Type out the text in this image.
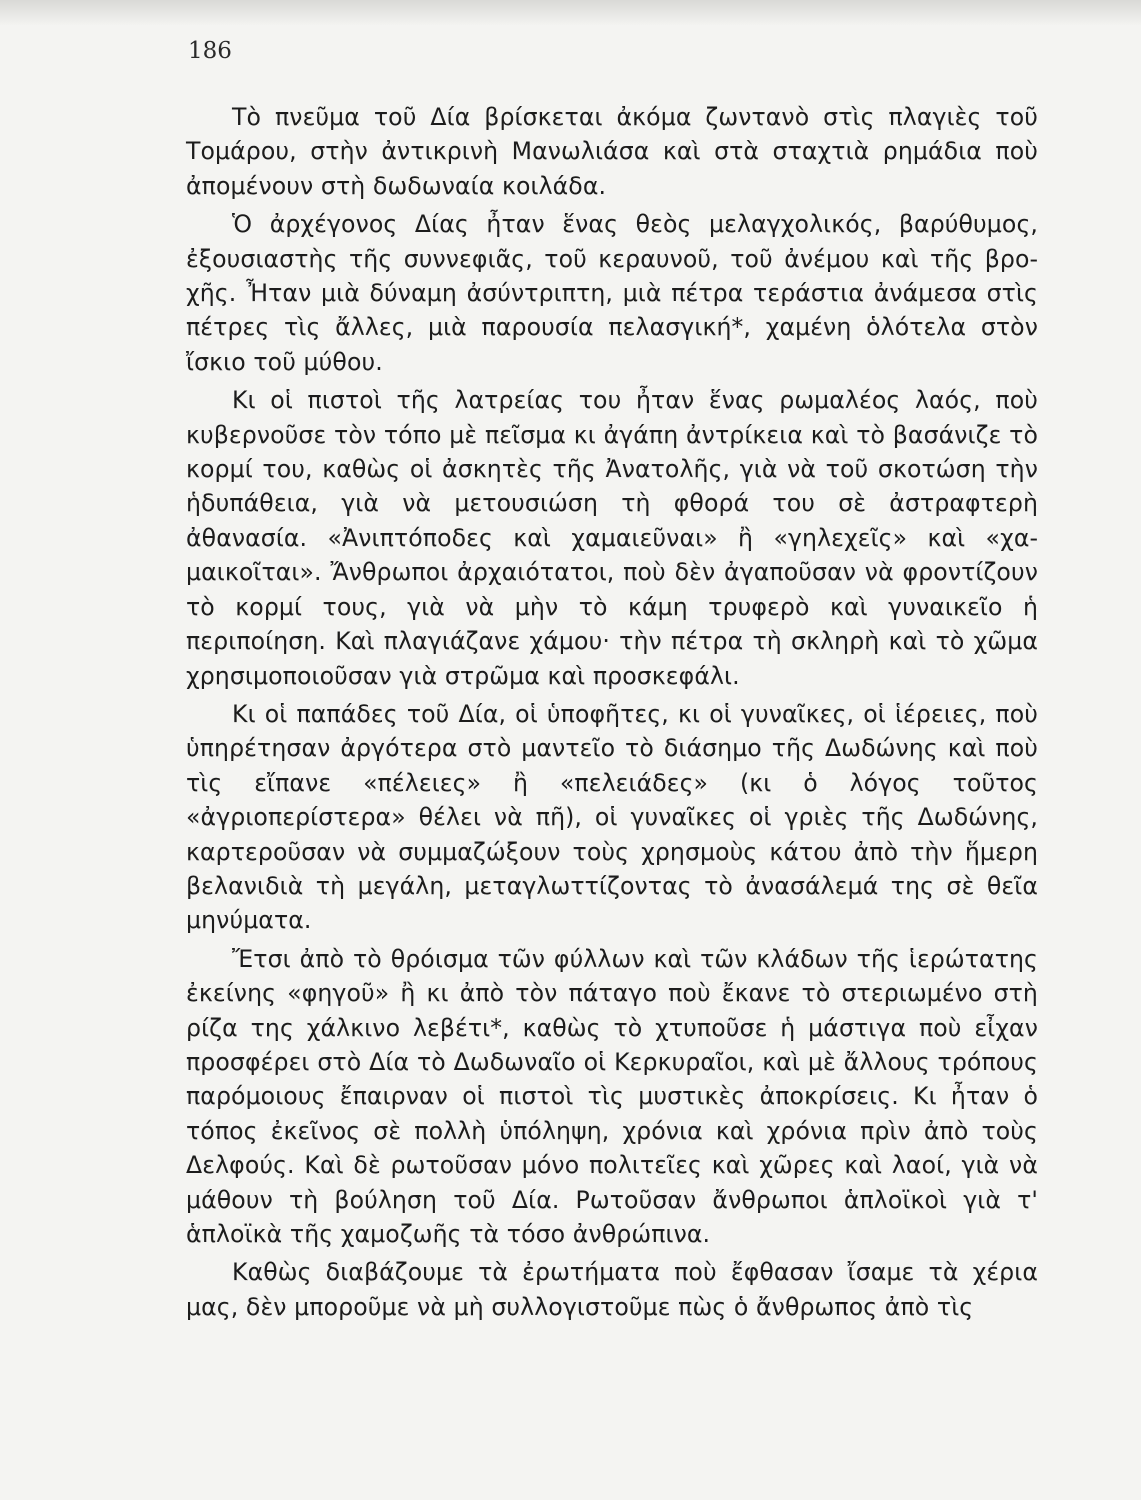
186

Τὸ πνεῦμα τοῦ Δία βρίσκεται ἀκόμα ζωντανὸ στὶς πλαγιὲς τοῦ Τομάρου, στὴν ἀντικρινὴ Μανωλιάσα καὶ στὰ σταχτιὰ ρημάδια ποὺ ἀπομένουν στὴ δωδωναία κοιλάδα.

Ὁ ἀρχέγονος Δίας ἦταν ἕνας θεὸς μελαγχολικός, βαρύθυμος, ἐξουσιαστὴς τῆς συννεφιᾶς, τοῦ κεραυνοῦ, τοῦ ἀνέμου καὶ τῆς βροχῆς. Ἦταν μιὰ δύναμη ἀσύντριπτη, μιὰ πέτρα τεράστια ἀνάμεσα στὶς πέτρες τὶς ἄλλες, μιὰ παρουσία πελασγική*, χαμένη ὁλότελα στὸν ἴσκιο τοῦ μύθου.

Κι οἱ πιστοὶ τῆς λατρείας του ἦταν ἕνας ρωμαλέος λαός, ποὺ κυβερνοῦσε τὸν τόπο μὲ πεῖσμα κι ἀγάπη ἀντρίκεια καὶ τὸ βασάνιζε τὸ κορμί του, καθὼς οἱ ἀσκητὲς τῆς Ἀνατολῆς, γιὰ νὰ τοῦ σκοτώση τὴν ἡδυπάθεια, γιὰ νὰ μετουσιώση τὴ φθορά του σὲ ἀστραφτερὴ ἀθανασία. «Ἀνιπτόποδες καὶ χαμαιεῦναι» ἢ «γηλεχεῖς» καὶ «χαμαικοῖται». Ἄνθρωποι ἀρχαιότατοι, ποὺ δὲν ἀγαποῦσαν νὰ φροντίζουν τὸ κορμί τους, γιὰ νὰ μὴν τὸ κάμη τρυφερὸ καὶ γυναικεῖο ἡ περιποίηση. Καὶ πλαγιάζανε χάμου· τὴν πέτρα τὴ σκληρὴ καὶ τὸ χῶμα χρησιμοποιοῦσαν γιὰ στρῶμα καὶ προσκεφάλι.

Κι οἱ παπάδες τοῦ Δία, οἱ ὑποφῆτες, κι οἱ γυναῖκες, οἱ ἱέρειες, ποὺ ὑπηρέτησαν ἀργότερα στὸ μαντεῖο τὸ διάσημο τῆς Δωδώνης καὶ ποὺ τὶς εἴπανε «πέλειες» ἢ «πελειάδες» (κι ὁ λόγος τοῦτος «ἀγριοπερίστερα» θέλει νὰ πῆ), οἱ γυναῖκες οἱ γριὲς τῆς Δωδώνης, καρτεροῦσαν νὰ συμμαζώξουν τοὺς χρησμοὺς κάτου ἀπὸ τὴν ἥμερη βελανιδιὰ τὴ μεγάλη, μεταγλωττίζοντας τὸ ἀνασάλεμά της σὲ θεῖα μηνύματα.

Ἔτσι ἀπὸ τὸ θρόισμα τῶν φύλλων καὶ τῶν κλάδων τῆς ἱερώτατης ἐκείνης «φηγοῦ» ἢ κι ἀπὸ τὸν πάταγο ποὺ ἔκανε τὸ στεριωμένο στὴ ρίζα της χάλκινο λεβέτι*, καθὼς τὸ χτυποῦσε ἡ μάστιγα ποὺ εἶχαν προσφέρει στὸ Δία τὸ Δωδωναῖο οἱ Κερκυραῖοι, καὶ μὲ ἄλλους τρόπους παρόμοιους ἔπαιρναν οἱ πιστοὶ τὶς μυστικὲς ἀποκρίσεις. Κι ἦταν ὁ τόπος ἐκεῖνος σὲ πολλὴ ὑπόληψη, χρόνια καὶ χρόνια πρὶν ἀπὸ τοὺς Δελφούς. Καὶ δὲ ρωτοῦσαν μόνο πολιτεῖες καὶ χῶρες καὶ λαοί, γιὰ νὰ μάθουν τὴ βούληση τοῦ Δία. Ρωτοῦσαν ἄνθρωποι ἁπλοϊκοὶ γιὰ τ' ἁπλοϊκὰ τῆς χαμοζωῆς τὰ τόσο ἀνθρώπινα.

Καθὼς διαβάζουμε τὰ ἐρωτήματα ποὺ ἔφθασαν ἴσαμε τὰ χέρια μας, δὲν μποροῦμε νὰ μὴ συλλογιστοῦμε πὼς ὁ ἄνθρωπος ἀπὸ τὶς
